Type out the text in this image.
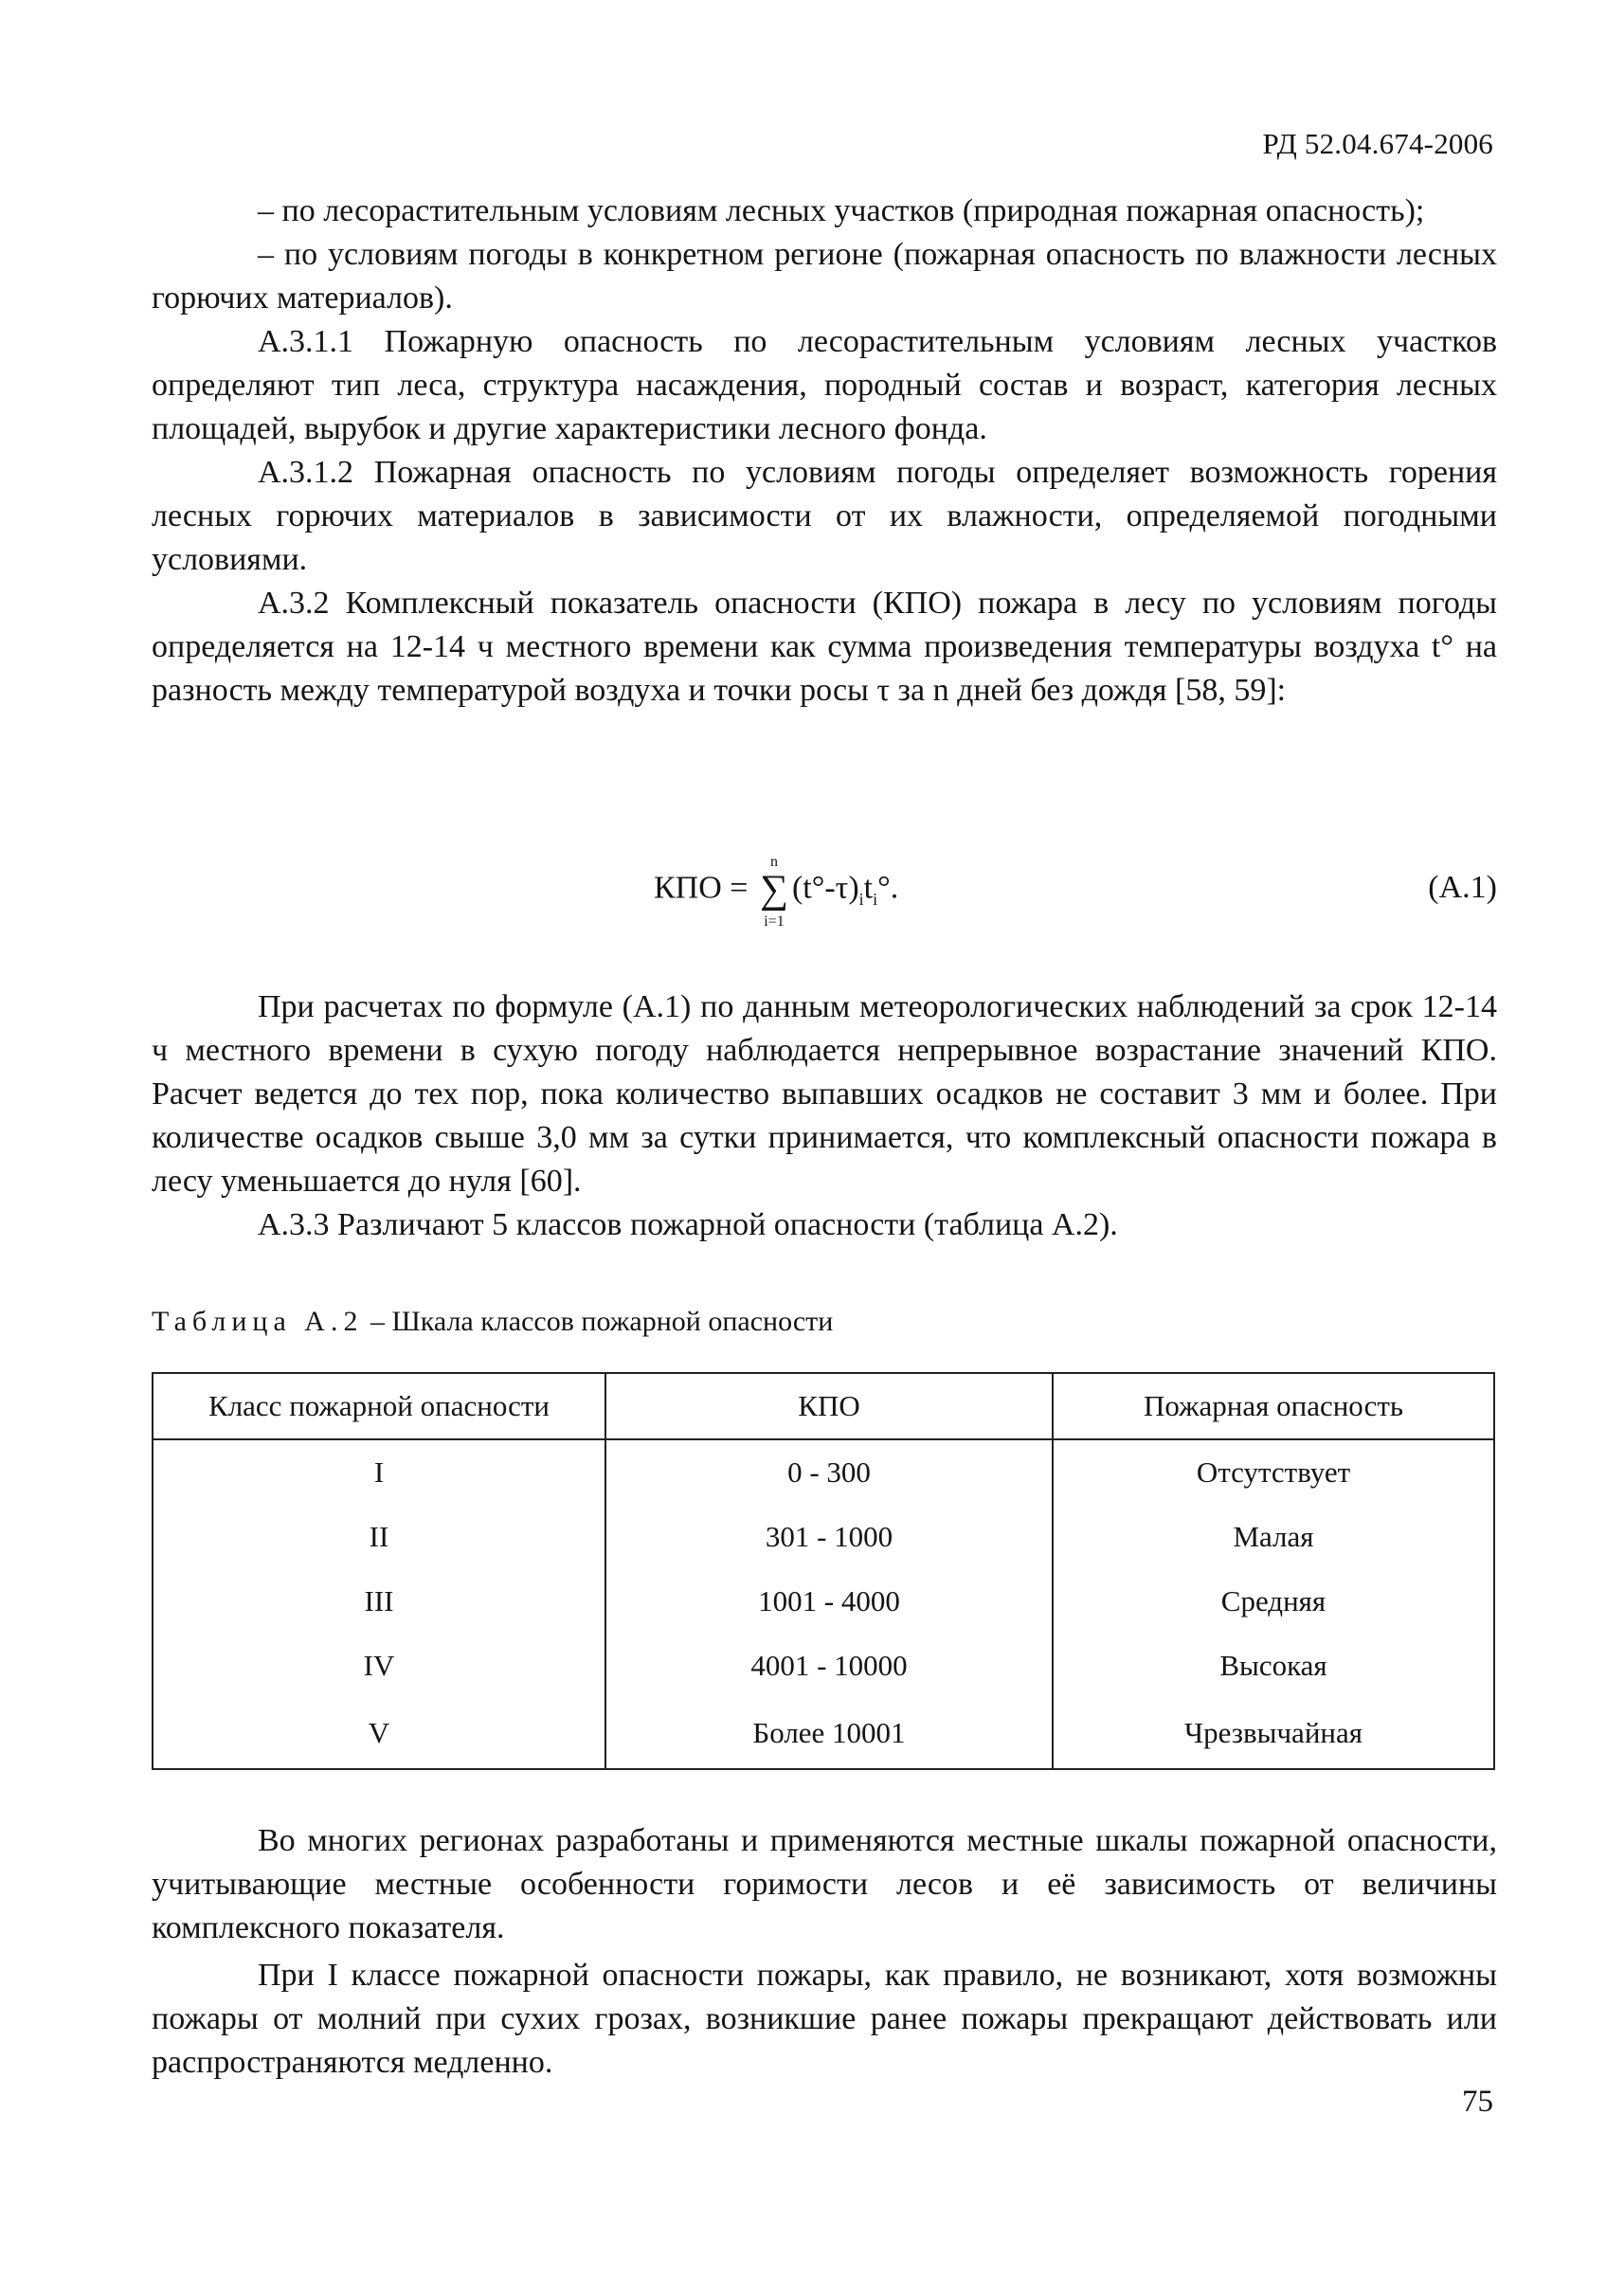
РД 52.04.674-2006

– по лесорастительным условиям лесных участков (природная пожарная опасность);

– по условиям погоды в конкретном регионе (пожарная опасность по влажности лесных горючих материалов).

А.3.1.1 Пожарную опасность по лесорастительным условиям лесных участков определяют тип леса, структура насаждения, породный состав и возраст, категория лесных площадей, вырубок и другие характеристики лесного фонда.

А.3.1.2 Пожарная опасность по условиям погоды определяет возможность горения лесных горючих материалов в зависимости от их влажности, определяемой погодными условиями.

А.3.2 Комплексный показатель опасности (КПО) пожара в лесу по условиям погоды определяется на 12-14 ч местного времени как сумма произведения температуры воздуха t° на разность между температурой воздуха и точки росы τ за n дней без дождя [58, 59]:

КПО =
n
∑
i=1
$(t^\circ-\tau)_it_i^\circ$.	(А.1)

При расчетах по формуле (А.1) по данным метеорологических наблюдений за срок 12-14 ч местного времени в сухую погоду наблюдается непрерывное возрастание значений КПО. Расчет ведется до тех пор, пока количество выпавших осадков не составит 3 мм и более. При количестве осадков свыше 3,0 мм за сутки принимается, что комплексный опасности пожара в лесу уменьшается до нуля [60].

А.3.3 Различают 5 классов пожарной опасности (таблица А.2).

Таблица А.2 – Шкала классов пожарной опасности
Класс пожарной опасности	КПО	Пожарная опасность
I	0 - 300	Отсутствует
II	301 - 1000	Малая
III	1001 - 4000	Средняя
IV	4001 - 10000	Высокая
V	Более 10001	Чрезвычайная

Во многих регионах разработаны и применяются местные шкалы пожарной опасности, учитывающие местные особенности горимости лесов и её зависимость от величины комплексного показателя.

При I классе пожарной опасности пожары, как правило, не возникают, хотя возможны пожары от молний при сухих грозах, возникшие ранее пожары прекращают действовать или распространяются медленно.

75
